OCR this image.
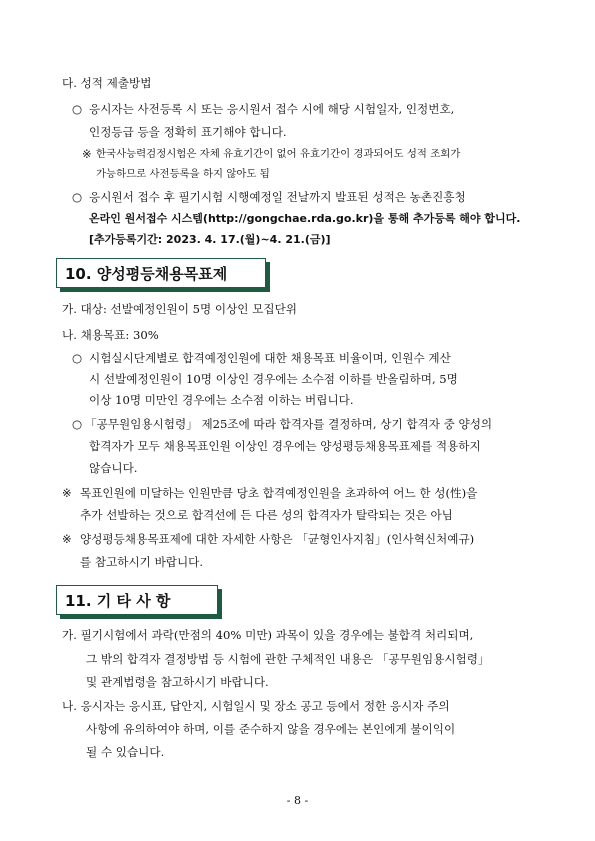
다. 성적 제출방법
○ 응시자는 사전등록 시 또는 응시원서 접수 시에 해당 시험일자, 인정번호,
인정등급 등을 정확히 표기해야 합니다.
※ 한국사능력검정시험은 자체 유효기간이 없어 유효기간이 경과되어도 성적 조회가
가능하므로 사전등록을 하지 않아도 됨
○ 응시원서 접수 후 필기시험 시행예정일 전날까지 발표된 성적은 농촌진흥청
온라인 원서접수 시스템(http://gongchae.rda.go.kr)을 통해 추가등록 해야 합니다.
[추가등록기간: 2023. 4. 17.(월)~4. 21.(금)]
10. 양성평등채용목표제
가. 대상: 선발예정인원이 5명 이상인 모집단위
나. 채용목표: 30%
○ 시험실시단계별로 합격예정인원에 대한 채용목표 비율이며, 인원수 계산
시 선발예정인원이 10명 이상인 경우에는 소수점 이하를 반올림하며, 5명
이상 10명 미만인 경우에는 소수점 이하는 버립니다.
○ 「공무원임용시험령」 제25조에 따라 합격자를 결정하며, 상기 합격자 중 양성의
합격자가 모두 채용목표인원 이상인 경우에는 양성평등채용목표제를 적용하지
않습니다.
※ 목표인원에 미달하는 인원만큼 당초 합격예정인원을 초과하여 어느 한 성(性)을
추가 선발하는 것으로 합격선에 든 다른 성의 합격자가 탈락되는 것은 아님
※ 양성평등채용목표제에 대한 자세한 사항은 「균형인사지침」(인사혁신처예규)
를 참고하시기 바랍니다.
11. 기 타 사 항
가. 필기시험에서 과락(만점의 40% 미만) 과목이 있을 경우에는 불합격 처리되며,
그 밖의 합격자 결정방법 등 시험에 관한 구체적인 내용은 「공무원임용시험령」
및 관계법령을 참고하시기 바랍니다.
나. 응시자는 응시표, 답안지, 시험일시 및 장소 공고 등에서 정한 응시자 주의
사항에 유의하여야 하며, 이를 준수하지 않을 경우에는 본인에게 불이익이
될 수 있습니다.
- 8 -
